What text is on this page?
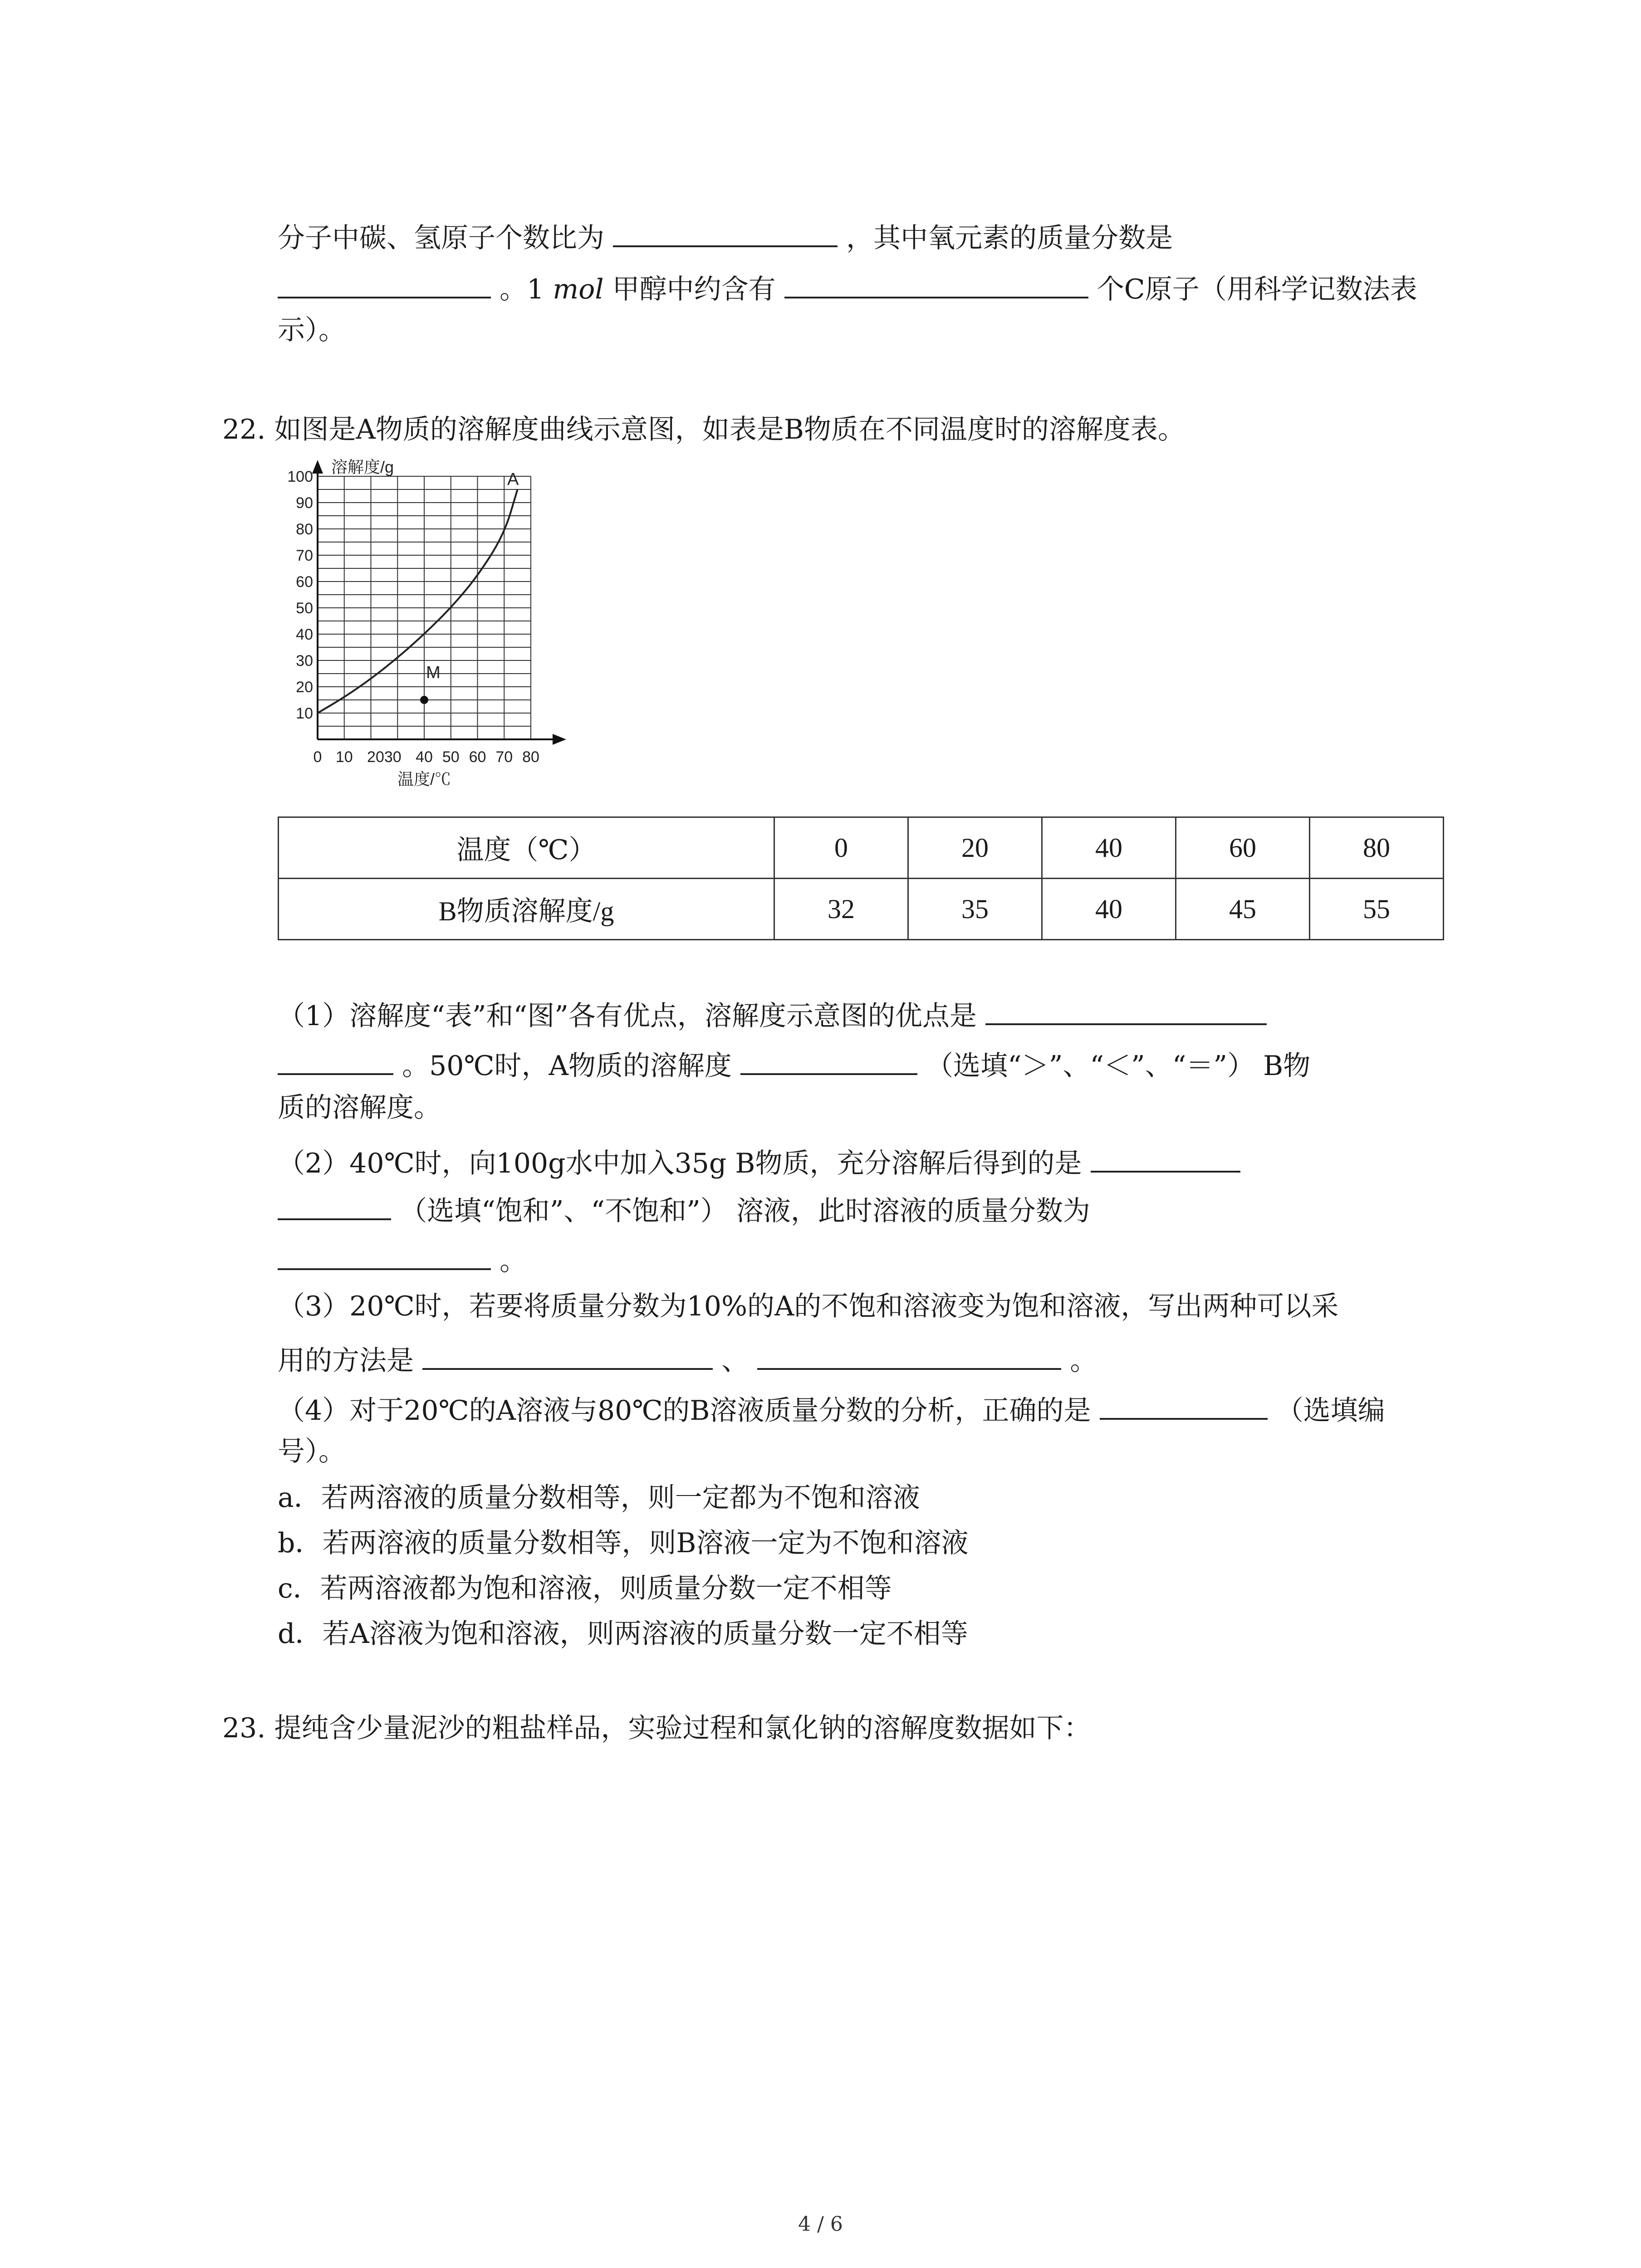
分子中碳、氢原子个数比为	，其中氧元素的质量分数是
。1 mol 甲醇中约含有	个C原子（用科学记数法表
示）。
22. 如图是A物质的溶解度曲线示意图，如表是B物质在不同温度时的溶解度表。
10
20
30
40
50
60
70
80
90
100
0 10 2030 40 50 60 70 80
溶解度/g
温度/℃
A
M
温度（℃）	0	20	40	60	80
B物质溶解度/g	32	35	40	45	55
（1）溶解度“表”和“图”各有优点，溶解度示意图的优点是
。50℃时，A物质的溶解度	（选填“＞”、“＜”、“＝”） B物
质的溶解度。
（2）40℃时，向100g水中加入35g B物质，充分溶解后得到的是
（选填“饱和”、“不饱和”） 溶液，此时溶液的质量分数为
。
（3）20℃时，若要将质量分数为10%的A的不饱和溶液变为饱和溶液，写出两种可以采
用的方法是	、	。
（4）对于20℃的A溶液与80℃的B溶液质量分数的分析，正确的是	（选填编
号）。
a．若两溶液的质量分数相等，则一定都为不饱和溶液
b．若两溶液的质量分数相等，则B溶液一定为不饱和溶液
c．若两溶液都为饱和溶液，则质量分数一定不相等
d．若A溶液为饱和溶液，则两溶液的质量分数一定不相等
23. 提纯含少量泥沙的粗盐样品，实验过程和氯化钠的溶解度数据如下：
4 / 6
